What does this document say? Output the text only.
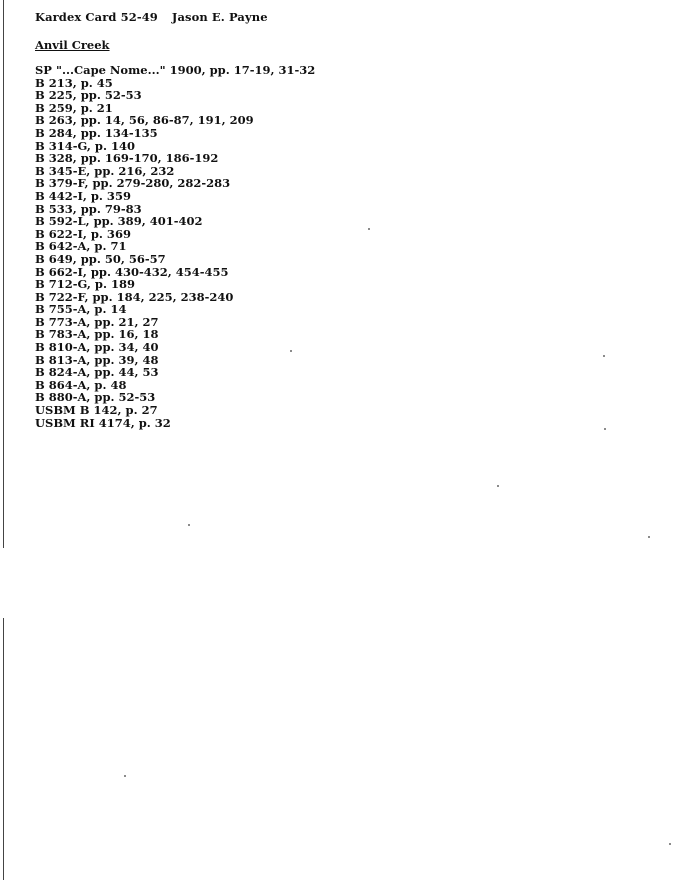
Kardex Card 52-49 Jason E. Payne
Anvil Creek
SP "...Cape Nome..." 1900, pp. 17-19, 31-32
B 213, p. 45
B 225, pp. 52-53
B 259, p. 21
B 263, pp. 14, 56, 86-87, 191, 209
B 284, pp. 134-135
B 314-G, p. 140
B 328, pp. 169-170, 186-192
B 345-E, pp. 216, 232
B 379-F, pp. 279-280, 282-283
B 442-I, p. 359
B 533, pp. 79-83
B 592-L, pp. 389, 401-402
B 622-I, p. 369
B 642-A, p. 71
B 649, pp. 50, 56-57
B 662-I, pp. 430-432, 454-455
B 712-G, p. 189
B 722-F, pp. 184, 225, 238-240
B 755-A, p. 14
B 773-A, pp. 21, 27
B 783-A, pp. 16, 18
B 810-A, pp. 34, 40
B 813-A, pp. 39, 48
B 824-A, pp. 44, 53
B 864-A, p. 48
B 880-A, pp. 52-53
USBM B 142, p. 27
USBM RI 4174, p. 32
